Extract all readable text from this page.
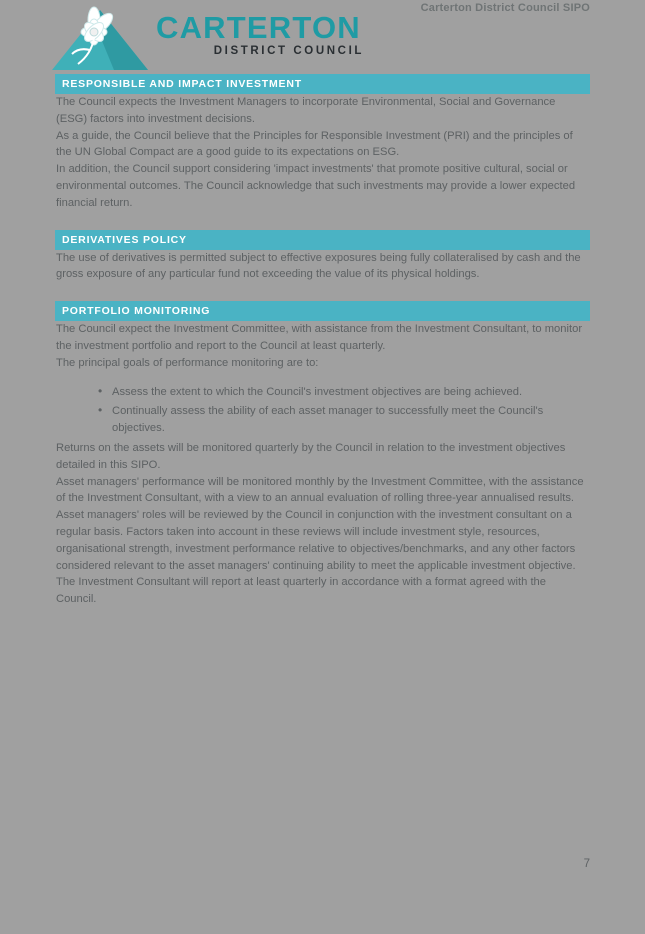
CARTERTON
DISTRICT COUNCIL
Carterton District Council SIPO
RESPONSIBLE AND IMPACT INVESTMENT

The Council expects the Investment Managers to incorporate Environmental, Social and Governance (ESG) factors into investment decisions.

As a guide, the Council believe that the Principles for Responsible Investment (PRI) and the principles of the UN Global Compact are a good guide to its expectations on ESG.

In addition, the Council support considering 'impact investments' that promote positive cultural, social or environmental outcomes. The Council acknowledge that such investments may provide a lower expected financial return.

DERIVATIVES POLICY

The use of derivatives is permitted subject to effective exposures being fully collateralised by cash and the gross exposure of any particular fund not exceeding the value of its physical holdings.

PORTFOLIO MONITORING

The Council expect the Investment Committee, with assistance from the Investment Consultant, to monitor the investment portfolio and report to the Council at least quarterly.

The principal goals of performance monitoring are to:

• Assess the extent to which the Council's investment objectives are being achieved.
• Continually assess the ability of each asset manager to successfully meet the Council's objectives.

Returns on the assets will be monitored quarterly by the Council in relation to the investment objectives detailed in this SIPO.

Asset managers' performance will be monitored monthly by the Investment Committee, with the assistance of the Investment Consultant, with a view to an annual evaluation of rolling three-year annualised results.

Asset managers' roles will be reviewed by the Council in conjunction with the investment consultant on a regular basis. Factors taken into account in these reviews will include investment style, resources, organisational strength, investment performance relative to objectives/benchmarks, and any other factors considered relevant to the asset managers' continuing ability to meet the applicable investment objective.

The Investment Consultant will report at least quarterly in accordance with a format agreed with the Council.

7
